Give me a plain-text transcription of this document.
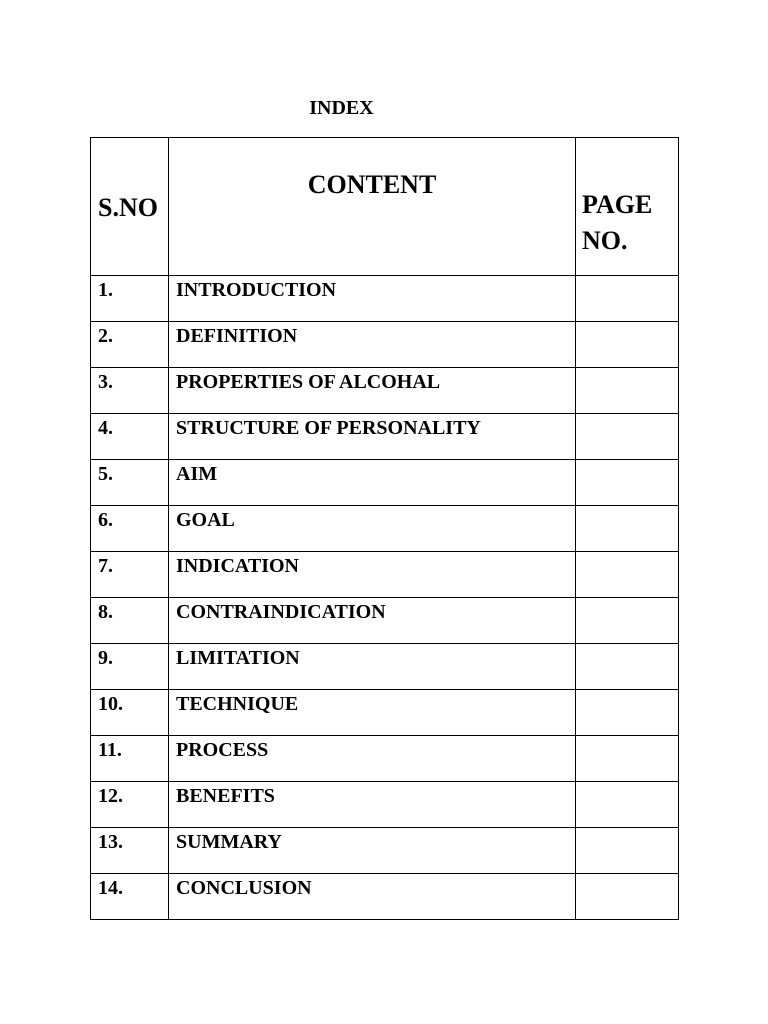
INDEX
S.NO	CONTENT	PAGE NO.

1.	INTRODUCTION	

2.	DEFINITION	

3.	PROPERTIES OF ALCOHAL	

4.	STRUCTURE OF PERSONALITY	

5.	AIM	

6.	GOAL	

7.	INDICATION	

8.	CONTRAINDICATION	

9.	LIMITATION	

10.	TECHNIQUE	

11.	PROCESS	

12.	BENEFITS	

13.	SUMMARY	

14.	CONCLUSION	
